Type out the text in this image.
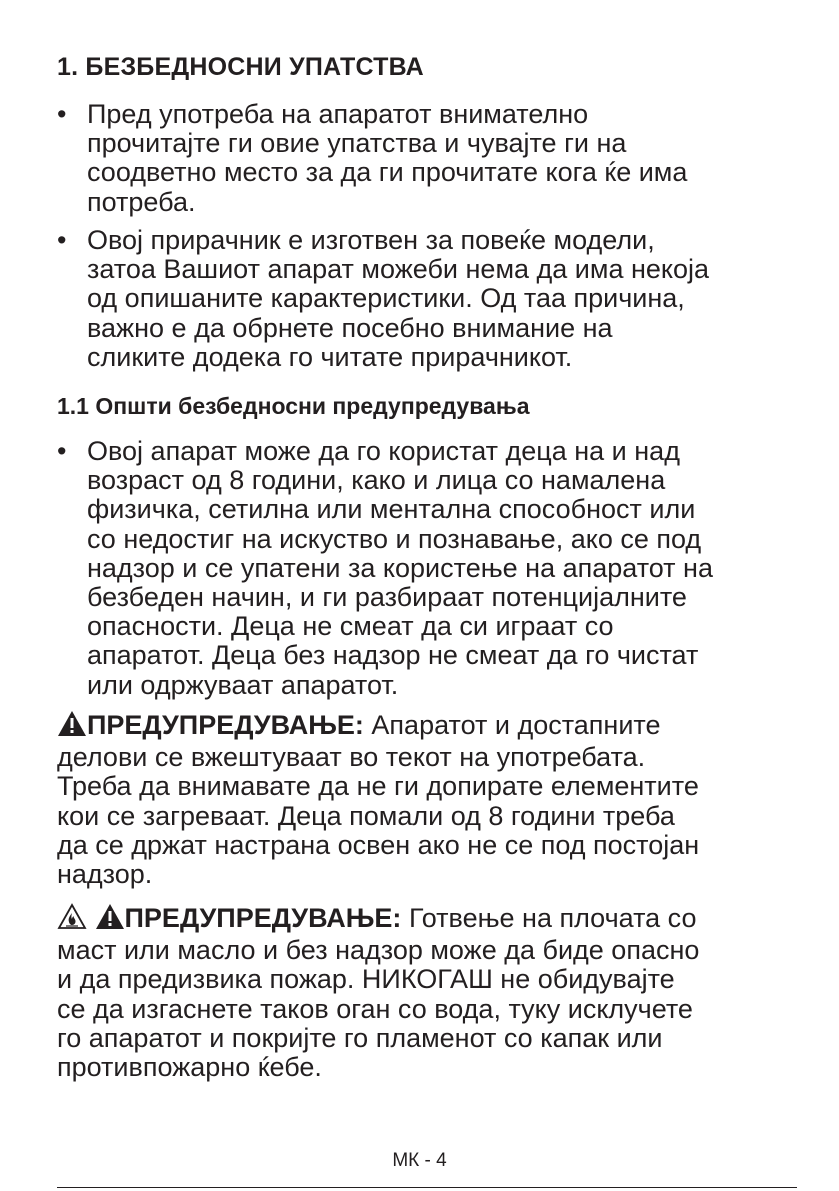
1. БЕЗБЕДНОСНИ УПАТСТВА
• Пред употреба на апаратот внимателно
прочитајте ги овие упатства и чувајте ги на
соодветно место за да ги прочитате кога ќе има
потреба.
• Овој прирачник е изготвен за повеќе модели,
затоа Вашиот апарат можеби нема да има некоја
од опишаните карактеристики. Од таа причина,
важно е да обрнете посебно внимание на
сликите додека го читате прирачникот.
1.1 Општи безбедносни предупредувања
• Овој апарат може да го користат деца на и над
возраст од 8 години, како и лица со намалена
физичка, сетилна или ментална способност или
со недостиг на искуство и познавање, ако се под
надзор и се упатени за користење на апаратот на
безбеден начин, и ги разбираат потенцијалните
опасности. Деца не смеат да си играат со
апаратот. Деца без надзор не смеат да го чистат
или одржуваат апаратот.
ПРЕДУПРЕДУВАЊЕ: Апаратот и достапните
делови се вжештуваат во текот на употребата.
Треба да внимавате да не ги допирате елементите
кои се загреваат. Деца помали од 8 години треба
да се држат настрана освен ако не се под постојан
надзор.
ПРЕДУПРЕДУВАЊЕ: Готвење на плочата со
маст или масло и без надзор може да биде опасно
и да предизвика пожар. НИКОГАШ не обидувајте
се да изгаснете таков оган со вода, туку исклучете
го апаратот и покријте го пламенот со капак или
противпожарно ќебе.
МК - 4
